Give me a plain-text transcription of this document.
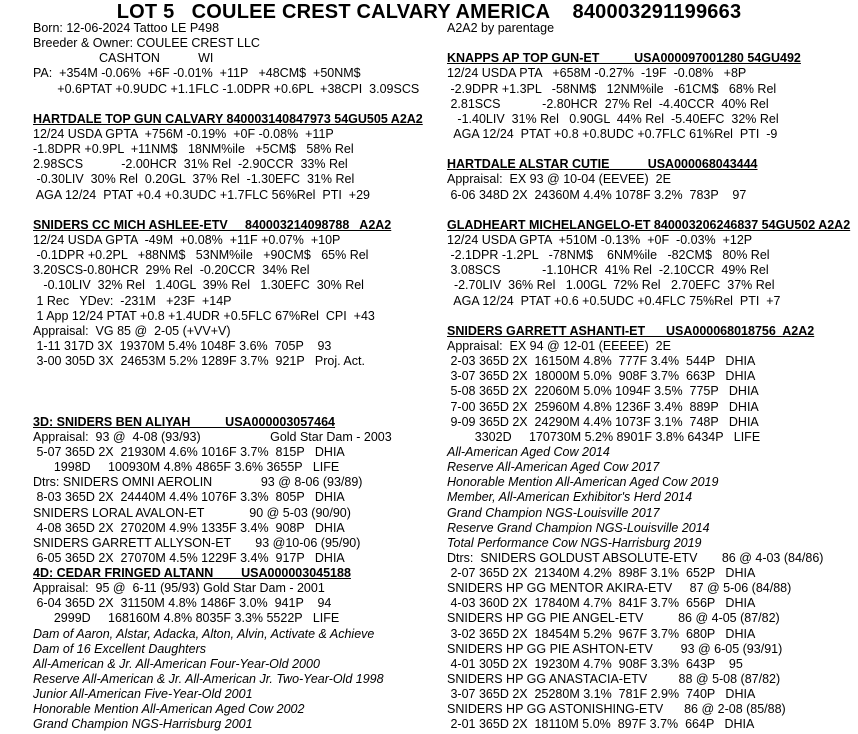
LOT 5   COULEE CREST CALVARY AMERICA    840003291199663
Born: 12-06-2024 Tattoo LE P498
Breeder & Owner: COULEE CREST LLC
CASHTON           WI
PA:  +354M -0.06%  +6F -0.01%  +11P   +48CM$  +50NM$
+0.6PTAT +0.9UDC +1.1FLC -1.0DPR +0.6PL  +38CPI  3.09SCS
HARTDALE TOP GUN CALVARY 840003140847973 54GU505 A2A2
12/24 USDA GPTA  +756M -0.19%  +0F -0.08%  +11P
-1.8DPR +0.9PL  +11NM$   18NM%ile   +5CM$   58% Rel
2.98SCS           -2.00HCR  31% Rel  -2.90CCR  33% Rel
-0.30LIV  30% Rel  0.20GL  37% Rel  -1.30EFC  31% Rel
AGA 12/24  PTAT +0.4 +0.3UDC +1.7FLC 56%Rel  PTI  +29
SNIDERS CC MICH ASHLEE-ETV     840003214098788   A2A2
12/24 USDA GPTA  -49M  +0.08%  +11F +0.07%  +10P
-0.1DPR +0.2PL   +88NM$   53NM%ile   +90CM$   65% Rel
3.20SCS-0.80HCR  29% Rel  -0.20CCR  34% Rel
-0.10LIV  32% Rel   1.40GL  39% Rel   1.30EFC  30% Rel
1 Rec   YDev:  -231M   +23F  +14P
1 App 12/24 PTAT +0.8 +1.4UDR +0.5FLC 67%Rel  CPI  +43
Appraisal:  VG 85 @  2-05 (+VV+V)
1-11 317D 3X  19370M 5.4% 1048F 3.6%  705P    93
3-00 305D 3X  24653M 5.2% 1289F 3.7%  921P   Proj. Act.
3D: SNIDERS BEN ALIYAH          USA000003057464
Appraisal:  93 @  4-08 (93/93)                    Gold Star Dam - 2003
5-07 365D 2X  21930M 4.6% 1016F 3.7%  815P   DHIA
1998D     100930M 4.8% 4865F 3.6% 3655P   LIFE
Dtrs: SNIDERS OMNI AEROLIN              93 @ 8-06 (93/89)
8-03 365D 2X  24440M 4.4% 1076F 3.3%  805P   DHIA
SNIDERS LORAL AVALON-ET             90 @ 5-03 (90/90)
4-08 365D 2X  27020M 4.9% 1335F 3.4%  908P   DHIA
SNIDERS GARRETT ALLYSON-ET       93 @10-06 (95/90)
6-05 365D 2X  27070M 4.5% 1229F 3.4%  917P   DHIA
4D: CEDAR FRINGED ALTANN        USA000003045188
Appraisal:  95 @  6-11 (95/93) Gold Star Dam - 2001
6-04 365D 2X  31150M 4.8% 1486F 3.0%  941P    94
2999D     168160M 4.8% 8035F 3.3% 5522P   LIFE
Dam of Aaron, Alstar, Adacka, Alton, Alvin, Activate & Achieve
Dam of 16 Excellent Daughters
All-American & Jr. All-American Four-Year-Old 2000
Reserve All-American & Jr. All-American Jr. Two-Year-Old 1998
Junior All-American Five-Year-Old 2001
Honorable Mention All-American Aged Cow 2002
Grand Champion NGS-Harrisburg 2001
A2A2 by parentage
KNAPPS AP TOP GUN-ET          USA000097001280 54GU492
12/24 USDA PTA   +658M -0.27%  -19F  -0.08%   +8P
-2.9DPR +1.3PL   -58NM$   12NM%ile   -61CM$   68% Rel
2.81SCS            -2.80HCR  27% Rel  -4.40CCR  40% Rel
-1.40LIV  31% Rel   0.90GL  44% Rel  -5.40EFC  32% Rel
AGA 12/24  PTAT +0.8 +0.8UDC +0.7FLC 61%Rel  PTI  -9
HARTDALE ALSTAR CUTIE           USA000068043444
Appraisal:  EX 93 @ 10-04 (EEVEE)  2E
6-06 348D 2X  24360M 4.4% 1078F 3.2%  783P    97
GLADHEART MICHELANGELO-ET 840003206246837 54GU502 A2A2
12/24 USDA GPTA  +510M -0.13%  +0F  -0.03%  +12P
-2.1DPR -1.2PL   -78NM$    6NM%ile   -82CM$   80% Rel
3.08SCS            -1.10HCR  41% Rel  -2.10CCR  49% Rel
-2.70LIV  36% Rel   1.00GL  72% Rel   2.70EFC  37% Rel
AGA 12/24  PTAT +0.6 +0.5UDC +0.4FLC 75%Rel  PTI  +7
SNIDERS GARRETT ASHANTI-ET      USA000068018756  A2A2
Appraisal:  EX 94 @ 12-01 (EEEEE)  2E
2-03 365D 2X  16150M 4.8%  777F 3.4%  544P   DHIA
3-07 365D 2X  18000M 5.0%  908F 3.7%  663P   DHIA
5-08 365D 2X  22060M 5.0% 1094F 3.5%  775P   DHIA
7-00 365D 2X  25960M 4.8% 1236F 3.4%  889P   DHIA
9-09 365D 2X  24290M 4.4% 1073F 3.1%  748P   DHIA
3302D     170730M 5.2% 8901F 3.8% 6434P   LIFE
All-American Aged Cow 2014
Reserve All-American Aged Cow 2017
Honorable Mention All-American Aged Cow 2019
Member, All-American Exhibitor's Herd 2014
Grand Champion NGS-Louisville 2017
Reserve Grand Champion NGS-Louisville 2014
Total Performance Cow NGS-Harrisburg 2019
Dtrs:  SNIDERS GOLDUST ABSOLUTE-ETV       86 @ 4-03 (84/86)
2-07 365D 2X  21340M 4.2%  898F 3.1%  652P   DHIA
SNIDERS HP GG MENTOR AKIRA-ETV     87 @ 5-06 (84/88)
4-03 360D 2X  17840M 4.7%  841F 3.7%  656P   DHIA
SNIDERS HP GG PIE ANGEL-ETV          86 @ 4-05 (87/82)
3-02 365D 2X  18454M 5.2%  967F 3.7%  680P   DHIA
SNIDERS HP GG PIE ASHTON-ETV        93 @ 6-05 (93/91)
4-01 305D 2X  19230M 4.7%  908F 3.3%  643P    95
SNIDERS HP GG ANASTACIA-ETV         88 @ 5-08 (87/82)
3-07 365D 2X  25280M 3.1%  781F 2.9%  740P   DHIA
SNIDERS HP GG ASTONISHING-ETV      86 @ 2-08 (85/88)
2-01 365D 2X  18110M 5.0%  897F 3.7%  664P   DHIA
